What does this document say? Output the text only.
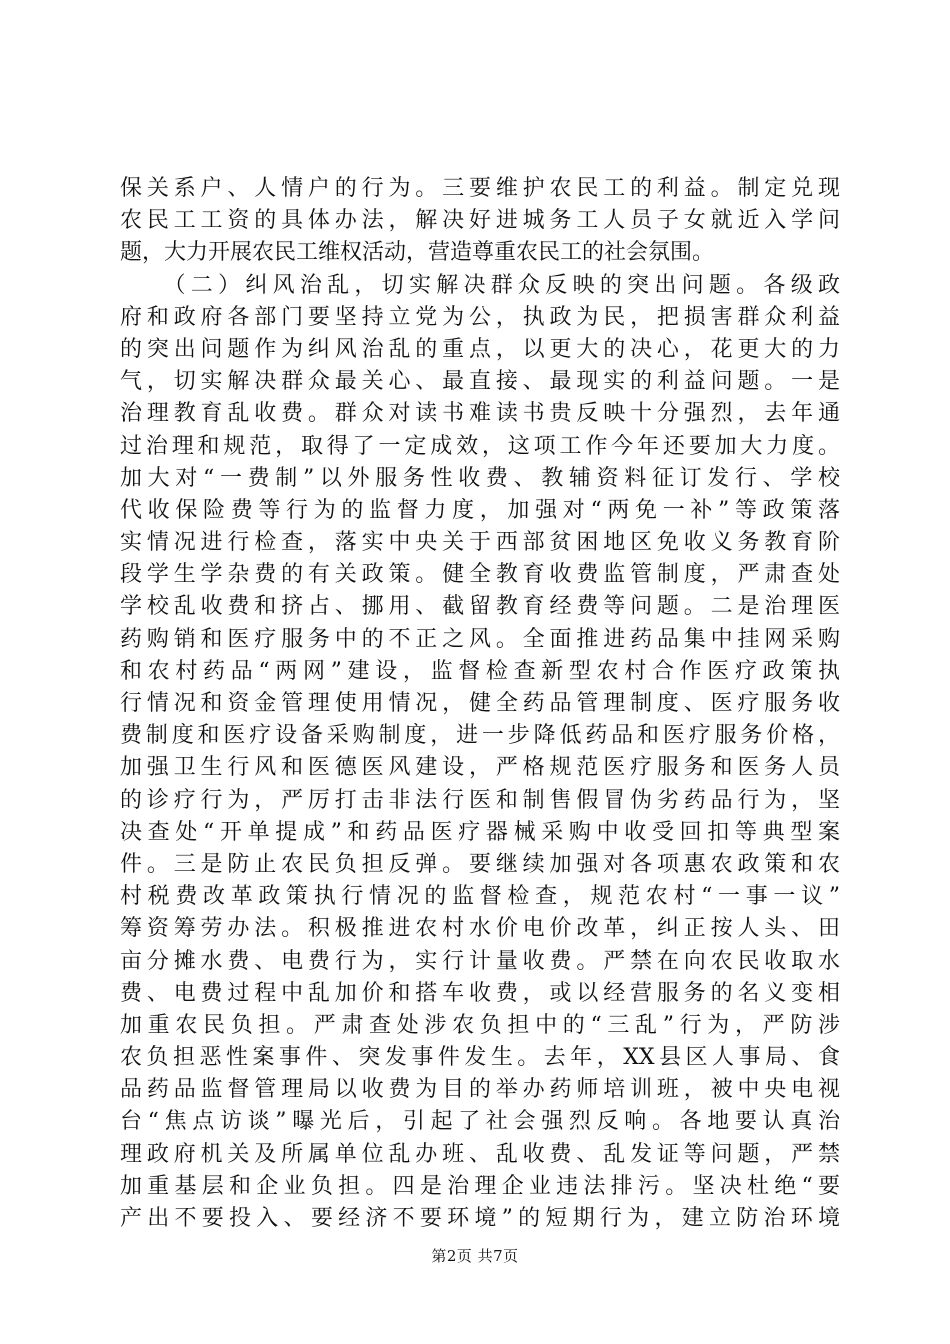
保关系户、人情户的行为。三要维护农民工的利益。制定兑现
农民工工资的具体办法，解决好进城务工人员子女就近入学问
题，大力开展农民工维权活动，营造尊重农民工的社会氛围。
　　（二）纠风治乱，切实解决群众反映的突出问题。各级政
府和政府各部门要坚持立党为公，执政为民，把损害群众利益
的突出问题作为纠风治乱的重点，以更大的决心，花更大的力
气，切实解决群众最关心、最直接、最现实的利益问题。一是
治理教育乱收费。群众对读书难读书贵反映十分强烈，去年通
过治理和规范，取得了一定成效，这项工作今年还要加大力度。
加大对“一费制”以外服务性收费、教辅资料征订发行、学校
代收保险费等行为的监督力度，加强对“两免一补”等政策落
实情况进行检查，落实中央关于西部贫困地区免收义务教育阶
段学生学杂费的有关政策。健全教育收费监管制度，严肃查处
学校乱收费和挤占、挪用、截留教育经费等问题。二是治理医
药购销和医疗服务中的不正之风。全面推进药品集中挂网采购
和农村药品“两网”建设，监督检查新型农村合作医疗政策执
行情况和资金管理使用情况，健全药品管理制度、医疗服务收
费制度和医疗设备采购制度，进一步降低药品和医疗服务价格，
加强卫生行风和医德医风建设，严格规范医疗服务和医务人员
的诊疗行为，严厉打击非法行医和制售假冒伪劣药品行为，坚
决查处“开单提成”和药品医疗器械采购中收受回扣等典型案
件。三是防止农民负担反弹。要继续加强对各项惠农政策和农
村税费改革政策执行情况的监督检查，规范农村“一事一议”
筹资筹劳办法。积极推进农村水价电价改革，纠正按人头、田
亩分摊水费、电费行为，实行计量收费。严禁在向农民收取水
费、电费过程中乱加价和搭车收费，或以经营服务的名义变相
加重农民负担。严肃查处涉农负担中的“三乱”行为，严防涉
农负担恶性案事件、突发事件发生。去年，XX县区人事局、食
品药品监督管理局以收费为目的举办药师培训班，被中央电视
台“焦点访谈”曝光后，引起了社会强烈反响。各地要认真治
理政府机关及所属单位乱办班、乱收费、乱发证等问题，严禁
加重基层和企业负担。四是治理企业违法排污。坚决杜绝“要
产出不要投入、要经济不要环境”的短期行为，建立防治环境
第2页 共7页
